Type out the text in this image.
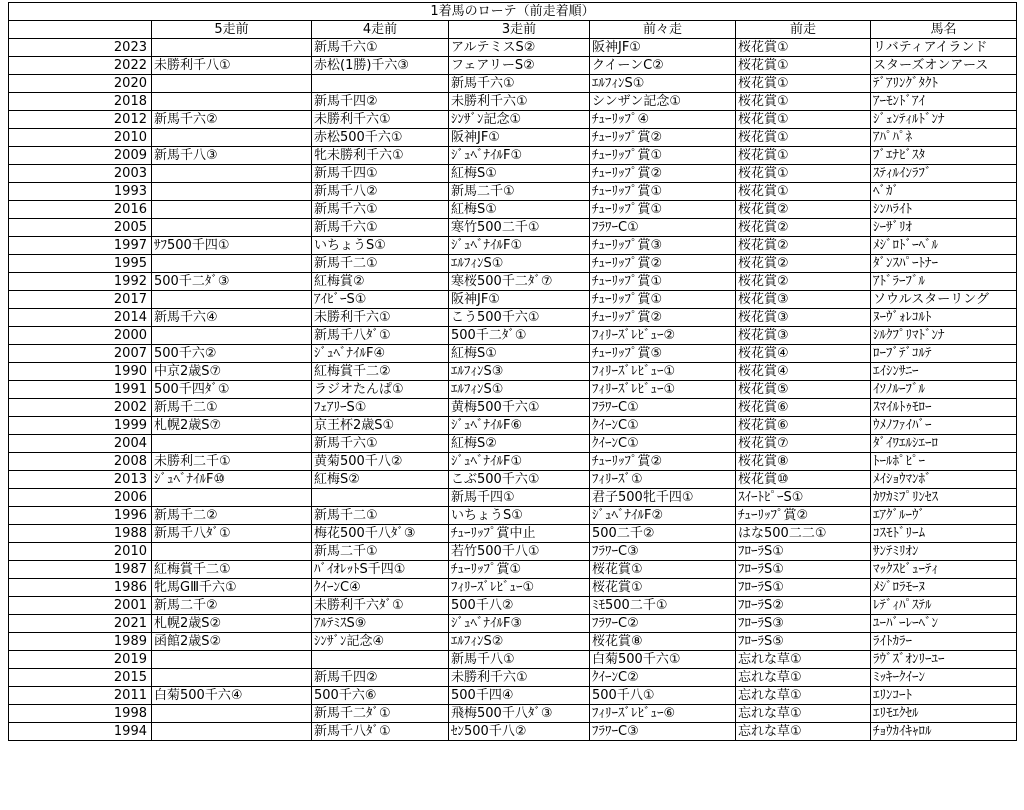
1着馬のローテ（前走着順）						
	5走前	4走前	3走前	前々走	前走	馬名
2023		新馬千六①	アルテミスS②	阪神JF①	桜花賞①	リバティアイランド
2022	未勝利千八①	赤松(1勝)千六③	フェアリーS②	クイーンC②	桜花賞①	スターズオンアース
2020			新馬千六①	ｴﾙﾌｨﾝS①	桜花賞①	ﾃﾞｱﾘﾝｸﾞﾀｸﾄ
2018		新馬千四②	未勝利千六①	シンザン記念①	桜花賞①	ｱｰﾓﾝﾄﾞｱｲ
2012	新馬千六②	未勝利千六①	ｼﾝｻﾞﾝ記念①	ﾁｭｰﾘｯﾌﾟ④	桜花賞①	ｼﾞｪﾝﾃｨﾙﾄﾞﾝﾅ
2010		赤松500千六①	阪神JF①	ﾁｭｰﾘｯﾌﾟ賞②	桜花賞①	ｱﾊﾟﾊﾟﾈ
2009	新馬千八③	牝未勝利千六①	ｼﾞｭﾍﾞﾅｲﾙF①	ﾁｭｰﾘｯﾌﾟ賞①	桜花賞①	ﾌﾞｴﾅﾋﾞｽﾀ
2003		新馬千四①	紅梅S①	ﾁｭｰﾘｯﾌﾟ賞②	桜花賞①	ｽﾃｨﾙｲﾝﾗﾌﾞ
1993		新馬千八②	新馬二千①	ﾁｭｰﾘｯﾌﾟ賞①	桜花賞①	ﾍﾞｶﾞ
2016		新馬千六①	紅梅S①	ﾁｭｰﾘｯﾌﾟ賞①	桜花賞②	ｼﾝﾊﾗｲﾄ
2005		新馬千六①	寒竹500二千①	ﾌﾗﾜｰC①	桜花賞②	ｼｰｻﾞﾘｵ
1997	ｻﾌ500千四①	いちょうS①	ｼﾞｭﾍﾞﾅｲﾙF①	ﾁｭｰﾘｯﾌﾟ賞③	桜花賞②	ﾒｼﾞﾛﾄﾞｰﾍﾞﾙ
1995		新馬千二①	ｴﾙﾌｨﾝS①	ﾁｭｰﾘｯﾌﾟ賞②	桜花賞②	ﾀﾞﾝｽﾊﾟｰﾄﾅｰ
1992	500千二ﾀﾞ③	紅梅賞②	寒桜500千二ﾀﾞ⑦	ﾁｭｰﾘｯﾌﾟ賞①	桜花賞②	ｱﾄﾞﾗｰﾌﾞﾙ
2017		ｱｲﾋﾞｰS①	阪神JF①	ﾁｭｰﾘｯﾌﾟ賞①	桜花賞③	ソウルスターリング
2014	新馬千六④	未勝利千六①	こう500千六①	ﾁｭｰﾘｯﾌﾟ賞②	桜花賞③	ﾇｰｳﾞｫﾚｺﾙﾄ
2000		新馬千八ﾀﾞ①	500千二ﾀﾞ①	ﾌｨﾘｰｽﾞﾚﾋﾞｭｰ②	桜花賞③	ｼﾙｸﾌﾟﾘﾏﾄﾞﾝﾅ
2007	500千六②	ｼﾞｭﾍﾞﾅｲﾙF④	紅梅S①	ﾁｭｰﾘｯﾌﾟ賞⑤	桜花賞④	ﾛｰﾌﾞﾃﾞｺﾙﾃ
1990	中京2歳S⑦	紅梅賞千二②	ｴﾙﾌｨﾝS③	ﾌｨﾘｰｽﾞﾚﾋﾞｭｰ①	桜花賞④	ｴｲｼﾝｻﾆｰ
1991	500千四ﾀﾞ①	ラジオたんぱ①	ｴﾙﾌｨﾝS①	ﾌｨﾘｰｽﾞﾚﾋﾞｭｰ①	桜花賞⑤	ｲｿﾉﾙｰﾌﾞﾙ
2002	新馬千二①	ﾌｪｱﾘｰS①	黄梅500千六①	ﾌﾗﾜｰC①	桜花賞⑥	ｽﾏｲﾙﾄｩﾓﾛｰ
1999	札幌2歳S⑦	京王杯2歳S①	ｼﾞｭﾍﾞﾅｲﾙF⑥	ｸｲｰﾝC①	桜花賞⑥	ｳﾒﾉﾌｧｲﾊﾞｰ
2004		新馬千六①	紅梅S②	ｸｲｰﾝC①	桜花賞⑦	ﾀﾞｲﾜｴﾙｼｴｰﾛ
2008	未勝利二千①	黄菊500千八②	ｼﾞｭﾍﾞﾅｲﾙF①	ﾁｭｰﾘｯﾌﾟ賞②	桜花賞⑧	ﾄｰﾙﾎﾟﾋﾟｰ
2013	ｼﾞｭﾍﾞﾅｲﾙF⑩	紅梅S②	こぶ500千六①	ﾌｨﾘｰｽﾞ①	桜花賞⑩	ﾒｲｼｮｳﾏﾝﾎﾞ
2006			新馬千四①	君子500牝千四①	ｽｲｰﾄﾋﾟｰS①	ｶﾜｶﾐﾌﾟﾘﾝｾｽ
1996	新馬千二②	新馬千二①	いちょうS①	ｼﾞｭﾍﾞﾅｲﾙF②	ﾁｭｰﾘｯﾌﾟ賞②	ｴｱｸﾞﾙｰｳﾞ
1988	新馬千八ﾀﾞ①	梅花500千八ﾀﾞ③	ﾁｭｰﾘｯﾌﾟ賞中止	500二千②	はな500二二①	ｺｽﾓﾄﾞﾘｰﾑ
2010		新馬二千①	若竹500千八①	ﾌﾗﾜｰC③	ﾌﾛｰﾗS①	ｻﾝﾃﾐﾘｵﾝ
1987	紅梅賞千二①	ﾊﾞｲｵﾚｯﾄS千四①	ﾁｭｰﾘｯﾌﾟ賞①	桜花賞①	ﾌﾛｰﾗS①	ﾏｯｸｽﾋﾞｭｰﾃｨ
1986	牝馬GⅢ千六①	ｸｲｰﾝC④	ﾌｨﾘｰｽﾞﾚﾋﾞｭｰ①	桜花賞①	ﾌﾛｰﾗS①	ﾒｼﾞﾛﾗﾓｰﾇ
2001	新馬二千②	未勝利千六ﾀﾞ①	500千八②	ﾐﾓ500二千①	ﾌﾛｰﾗS②	ﾚﾃﾞｨﾊﾟｽﾃﾙ
2021	札幌2歳S②	ｱﾙﾃﾐｽS⑨	ｼﾞｭﾍﾞﾅｲﾙF③	ﾌﾗﾜｰC②	ﾌﾛｰﾗS③	ﾕｰﾊﾞｰﾚｰﾍﾞﾝ
1989	函館2歳S②	ｼﾝｻﾞﾝ記念④	ｴﾙﾌｨﾝS②	桜花賞⑧	ﾌﾛｰﾗS⑤	ﾗｲﾄｶﾗｰ
2019			新馬千八①	白菊500千六①	忘れな草①	ﾗｳﾞｽﾞｵﾝﾘｰﾕｰ
2015		新馬千四②	未勝利千六①	ｸｲｰﾝC②	忘れな草①	ﾐｯｷｰｸｲｰﾝ
2011	白菊500千六④	500千六⑥	500千四④	500千八①	忘れな草①	ｴﾘﾝｺｰﾄ
1998		新馬千二ﾀﾞ①	飛梅500千八ﾀﾞ③	ﾌｨﾘｰｽﾞﾚﾋﾞｭｰ⑥	忘れな草①	ｴﾘﾓｴｸｾﾙ
1994		新馬千八ﾀﾞ①	ｾﾝ500千八②	ﾌﾗﾜｰC③	忘れな草①	ﾁｮｳｶｲｷｬﾛﾙ
